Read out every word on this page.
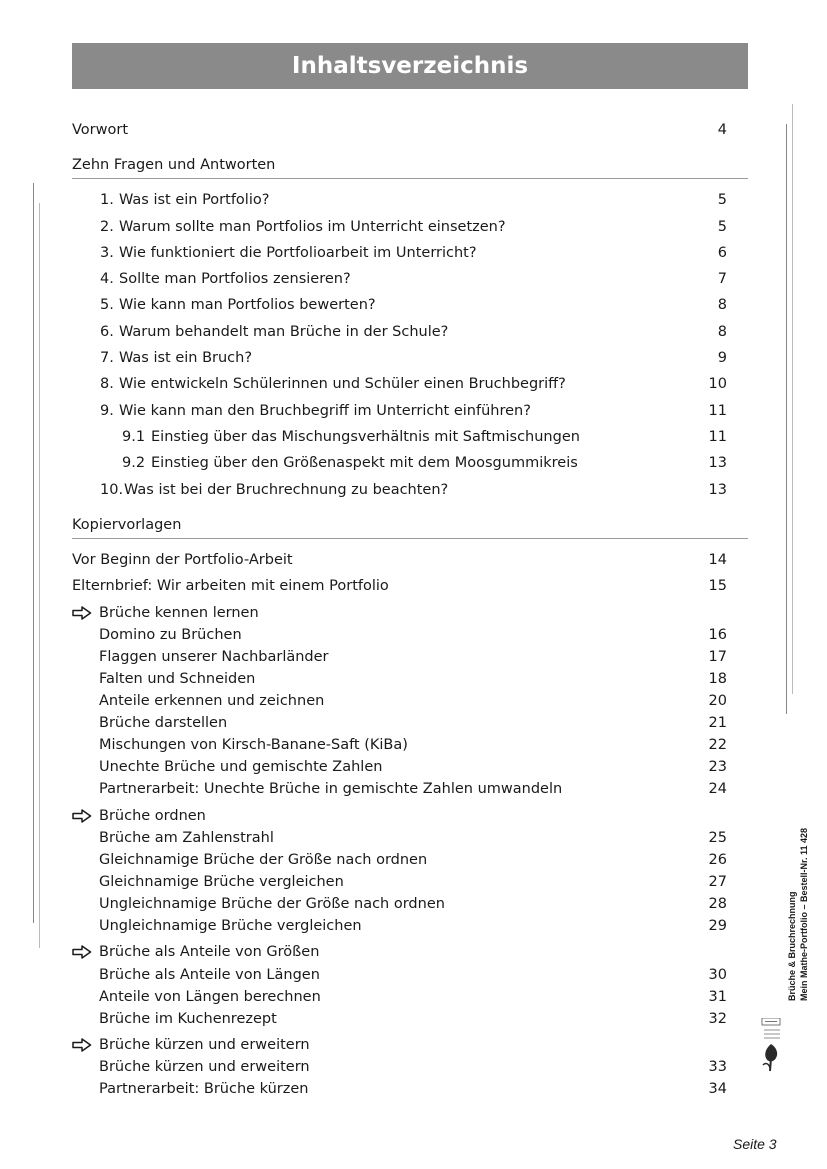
Inhaltsverzeichnis
Vorwort	4
Zehn Fragen und Antworten
1. Was ist ein Portfolio?	5
2. Warum sollte man Portfolios im Unterricht einsetzen?	5
3. Wie funktioniert die Portfolioarbeit im Unterricht?	6
4. Sollte man Portfolios zensieren?	7
5. Wie kann man Portfolios bewerten?	8
6. Warum behandelt man Brüche in der Schule?	8
7. Was ist ein Bruch?	9
8. Wie entwickeln Schülerinnen und Schüler einen Bruchbegriff?	10
9. Wie kann man den Bruchbegriff im Unterricht einführen?	11
9.1 Einstieg über das Mischungsverhältnis mit Saftmischungen	11
9.2 Einstieg über den Größenaspekt mit dem Moosgummikreis	13
10.Was ist bei der Bruchrechnung zu beachten?	13
Kopiervorlagen
Vor Beginn der Portfolio-Arbeit	14
Elternbrief: Wir arbeiten mit einem Portfolio	15
Brüche kennen lernen
Domino zu Brüchen	16
Flaggen unserer Nachbarländer	17
Falten und Schneiden	18
Anteile erkennen und zeichnen	20
Brüche darstellen	21
Mischungen von Kirsch-Banane-Saft (KiBa)	22
Unechte Brüche und gemischte Zahlen	23
Partnerarbeit: Unechte Brüche in gemischte Zahlen umwandeln	24
Brüche ordnen
Brüche am Zahlenstrahl	25
Gleichnamige Brüche der Größe nach ordnen	26
Gleichnamige Brüche vergleichen	27
Ungleichnamige Brüche der Größe nach ordnen	28
Ungleichnamige Brüche vergleichen	29
Brüche als Anteile von Größen
Brüche als Anteile von Längen	30
Anteile von Längen berechnen	31
Brüche im Kuchenrezept	32
Brüche kürzen und erweitern
Brüche kürzen und erweitern	33
Partnerarbeit: Brüche kürzen	34
Brüche & Bruchrechnung Mein Mathe-Portfolio – Bestell-Nr. 11 428
Seite 3
